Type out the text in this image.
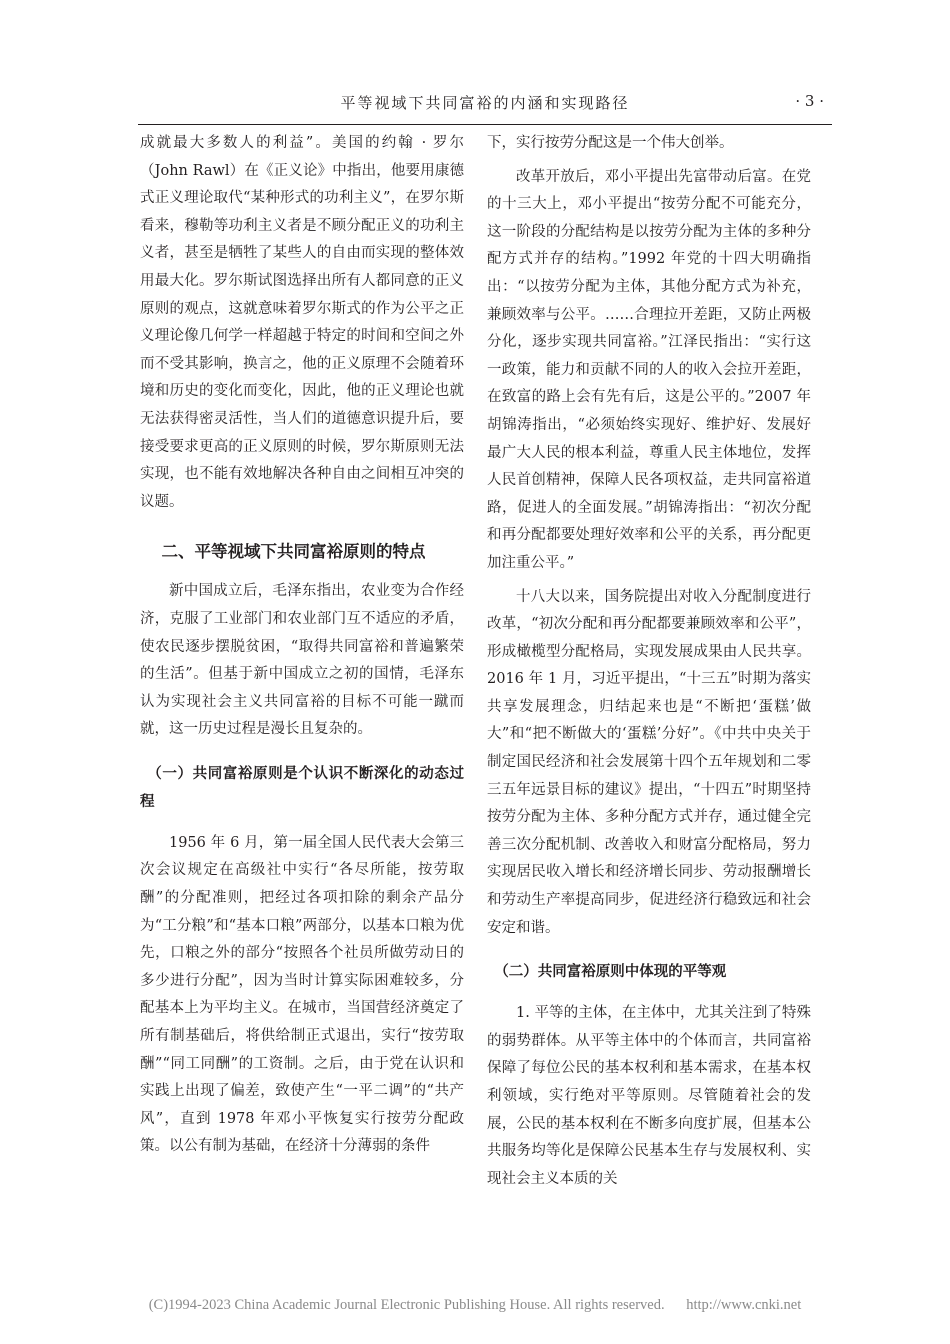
平等视域下共同富裕的内涵和实现路径	· 3 ·

成就最大多数人的利益”。美国的约翰 · 罗尔（John Rawl）在《正义论》中指出，他要用康德式正义理论取代“某种形式的功利主义”，在罗尔斯看来，穆勒等功利主义者是不顾分配正义的功利主义者，甚至是牺牲了某些人的自由而实现的整体效用最大化。罗尔斯试图选择出所有人都同意的正义原则的观点，这就意味着罗尔斯式的作为公平之正义理论像几何学一样超越于特定的时间和空间之外而不受其影响，换言之，他的正义原理不会随着环境和历史的变化而变化，因此，他的正义理论也就无法获得密灵活性，当人们的道德意识提升后，要接受要求更高的正义原则的时候，罗尔斯原则无法实现，也不能有效地解决各种自由之间相互冲突的议题。

二、平等视域下共同富裕原则的特点

新中国成立后，毛泽东指出，农业变为合作经济，克服了工业部门和农业部门互不适应的矛盾，使农民逐步摆脱贫困，“取得共同富裕和普遍繁荣的生活”。但基于新中国成立之初的国情，毛泽东认为实现社会主义共同富裕的目标不可能一蹴而就，这一历史过程是漫长且复杂的。

（一）共同富裕原则是个认识不断深化的动态过程

1956 年 6 月，第一届全国人民代表大会第三次会议规定在高级社中实行“各尽所能，按劳取酬”的分配准则，把经过各项扣除的剩余产品分为“工分粮”和“基本口粮”两部分，以基本口粮为优先，口粮之外的部分“按照各个社员所做劳动日的多少进行分配”，因为当时计算实际困难较多，分配基本上为平均主义。在城市，当国营经济奠定了所有制基础后，将供给制正式退出，实行“按劳取酬”“同工同酬”的工资制。之后，由于党在认识和实践上出现了偏差，致使产生“一平二调”的“共产风”，直到 1978 年邓小平恢复实行按劳分配政策。以公有制为基础，在经济十分薄弱的条件

下，实行按劳分配这是一个伟大创举。

改革开放后，邓小平提出先富带动后富。在党的十三大上，邓小平提出“按劳分配不可能充分，这一阶段的分配结构是以按劳分配为主体的多种分配方式并存的结构。”1992 年党的十四大明确指出：“以按劳分配为主体，其他分配方式为补充，兼顾效率与公平。……合理拉开差距，又防止两极分化，逐步实现共同富裕。”江泽民指出：“实行这一政策，能力和贡献不同的人的收入会拉开差距，在致富的路上会有先有后，这是公平的。”2007 年胡锦涛指出，“必须始终实现好、维护好、发展好最广大人民的根本利益，尊重人民主体地位，发挥人民首创精神，保障人民各项权益，走共同富裕道路，促进人的全面发展。”胡锦涛指出：“初次分配和再分配都要处理好效率和公平的关系，再分配更加注重公平。”

十八大以来，国务院提出对收入分配制度进行改革，“初次分配和再分配都要兼顾效率和公平”，形成橄榄型分配格局，实现发展成果由人民共享。2016 年 1 月，习近平提出，“十三五”时期为落实共享发展理念，归结起来也是“不断把‘蛋糕’做大”和“把不断做大的‘蛋糕’分好”。《中共中央关于制定国民经济和社会发展第十四个五年规划和二零三五年远景目标的建议》提出，“十四五”时期坚持按劳分配为主体、多种分配方式并存，通过健全完善三次分配机制、改善收入和财富分配格局，努力实现居民收入增长和经济增长同步、劳动报酬增长和劳动生产率提高同步，促进经济行稳致远和社会安定和谐。

（二）共同富裕原则中体现的平等观

1. 平等的主体，在主体中，尤其关注到了特殊的弱势群体。从平等主体中的个体而言，共同富裕保障了每位公民的基本权利和基本需求，在基本权利领域，实行绝对平等原则。尽管随着社会的发展，公民的基本权利在不断多向度扩展，但基本公共服务均等化是保障公民基本生存与发展权利、实现社会主义本质的关

(C)1994-2023 China Academic Journal Electronic Publishing House. All rights reserved. http://www.cnki.net
